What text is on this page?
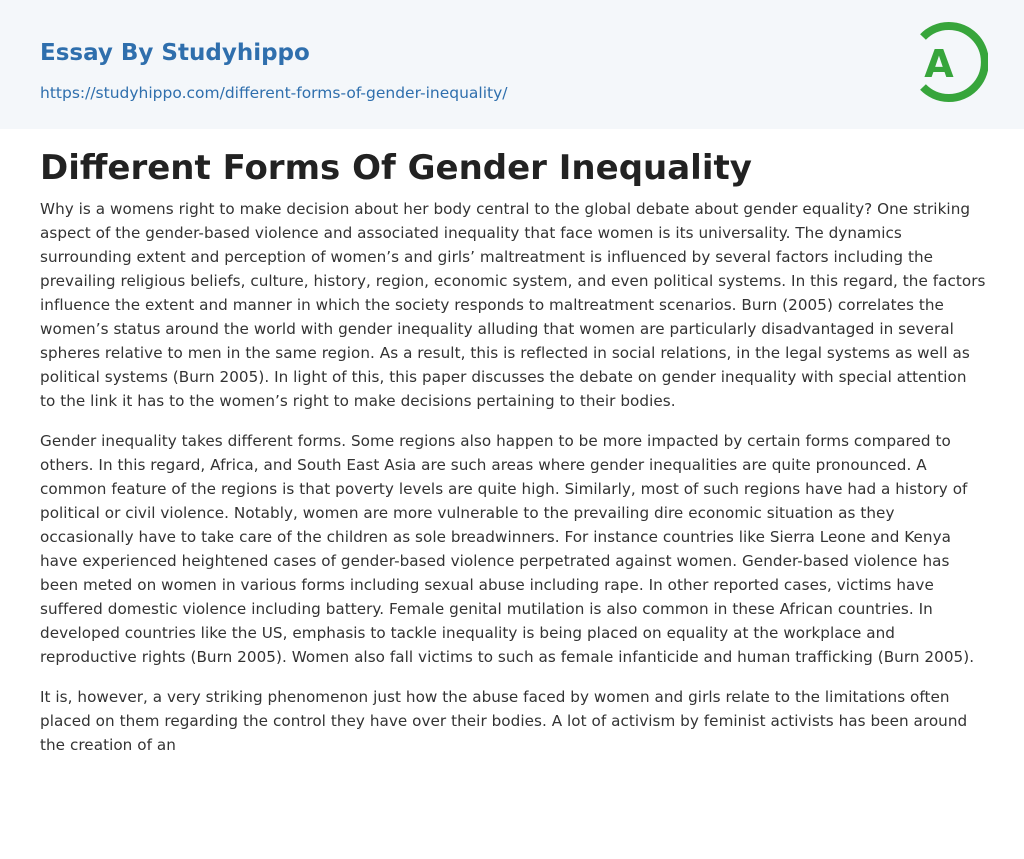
Essay By Studyhippo
https://studyhippo.com/different-forms-of-gender-inequality/
A
Different Forms Of Gender Inequality

Why is a womens right to make decision about her body central to the global debate about gender equality? One striking aspect of the gender-based violence and associated inequality that face women is its universality. The dynamics surrounding extent and perception of women’s and girls’ maltreatment is influenced by several factors including the prevailing religious beliefs, culture, history, region, economic system, and even political systems. In this regard, the factors influence the extent and manner in which the society responds to maltreatment scenarios. Burn (2005) correlates the women’s status around the world with gender inequality alluding that women are particularly disadvantaged in several spheres relative to men in the same region. As a result, this is reflected in social relations, in the legal systems as well as political systems (Burn 2005). In light of this, this paper discusses the debate on gender inequality with special attention to the link it has to the women’s right to make decisions pertaining to their bodies.

Gender inequality takes different forms. Some regions also happen to be more impacted by certain forms compared to others. In this regard, Africa, and South East Asia are such areas where gender inequalities are quite pronounced. A common feature of the regions is that poverty levels are quite high. Similarly, most of such regions have had a history of political or civil violence. Notably, women are more vulnerable to the prevailing dire economic situation as they occasionally have to take care of the children as sole breadwinners. For instance countries like Sierra Leone and Kenya have experienced heightened cases of gender-based violence perpetrated against women. Gender-based violence has been meted on women in various forms including sexual abuse including rape. In other reported cases, victims have suffered domestic violence including battery. Female genital mutilation is also common in these African countries. In developed countries like the US, emphasis to tackle inequality is being placed on equality at the workplace and reproductive rights (Burn 2005). Women also fall victims to such as female infanticide and human trafficking (Burn 2005).

It is, however, a very striking phenomenon just how the abuse faced by women and girls relate to the limitations often placed on them regarding the control they have over their bodies. A lot of activism by feminist activists has been around the creation of an
